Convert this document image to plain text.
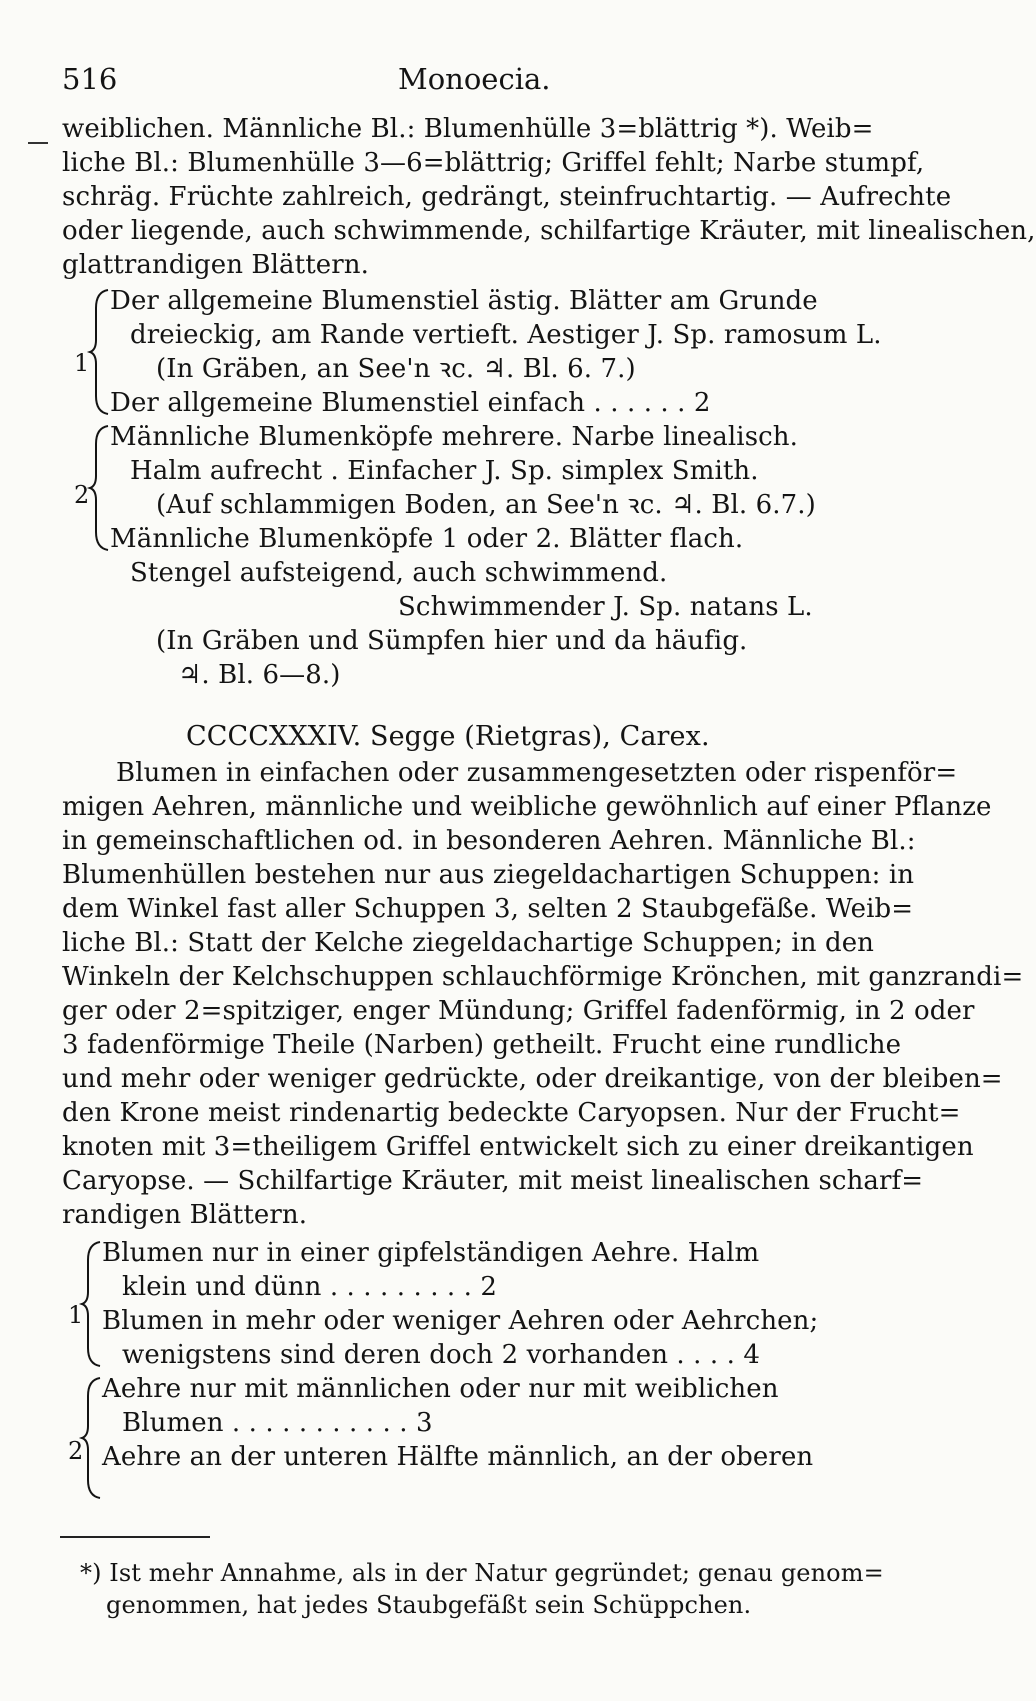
516	Monoecia.
weiblichen. Männliche Bl.: Blumenhülle 3=blättrig *). Weib=
liche Bl.: Blumenhülle 3—6=blättrig; Griffel fehlt; Narbe stumpf,
schräg. Früchte zahlreich, gedrängt, steinfruchtartig. — Aufrechte
oder liegende, auch schwimmende, schilfartige Kräuter, mit linealischen,
glattrandigen Blättern.
1
Der allgemeine Blumenstiel ästig. Blätter am Grunde
dreieckig, am Rande vertieft. Aestiger J. Sp. ramosum L.
(In Gräben, an See'n ꝛc. ♃. Bl. 6. 7.)
Der allgemeine Blumenstiel einfach . . . . . . 2
2
Männliche Blumenköpfe mehrere. Narbe linealisch.
Halm aufrecht . Einfacher J. Sp. simplex Smith.
(Auf schlammigen Boden, an See'n ꝛc. ♃. Bl. 6.7.)
Männliche Blumenköpfe 1 oder 2. Blätter flach.
Stengel aufsteigend, auch schwimmend.
Schwimmender J. Sp. natans L.
(In Gräben und Sümpfen hier und da häufig.
♃. Bl. 6—8.)
CCCCXXXIV. Segge (Rietgras), Carex.
Blumen in einfachen oder zusammengesetzten oder rispenför=
migen Aehren, männliche und weibliche gewöhnlich auf einer Pflanze
in gemeinschaftlichen od. in besonderen Aehren. Männliche Bl.:
Blumenhüllen bestehen nur aus ziegeldachartigen Schuppen: in
dem Winkel fast aller Schuppen 3, selten 2 Staubgefäße. Weib=
liche Bl.: Statt der Kelche ziegeldachartige Schuppen; in den
Winkeln der Kelchschuppen schlauchförmige Krönchen, mit ganzrandi=
ger oder 2=spitziger, enger Mündung; Griffel fadenförmig, in 2 oder
3 fadenförmige Theile (Narben) getheilt. Frucht eine rundliche
und mehr oder weniger gedrückte, oder dreikantige, von der bleiben=
den Krone meist rindenartig bedeckte Caryopsen. Nur der Frucht=
knoten mit 3=theiligem Griffel entwickelt sich zu einer dreikantigen
Caryopse. — Schilfartige Kräuter, mit meist linealischen scharf=
randigen Blättern.
1
Blumen nur in einer gipfelständigen Aehre. Halm
klein und dünn . . . . . . . . . 2
Blumen in mehr oder weniger Aehren oder Aehrchen;
wenigstens sind deren doch 2 vorhanden . . . . 4
2
Aehre nur mit männlichen oder nur mit weiblichen
Blumen . . . . . . . . . . . 3
Aehre an der unteren Hälfte männlich, an der oberen
*) Ist mehr Annahme, als in der Natur gegründet; genau genom=
genommen, hat jedes Staubgefäßt sein Schüppchen.
